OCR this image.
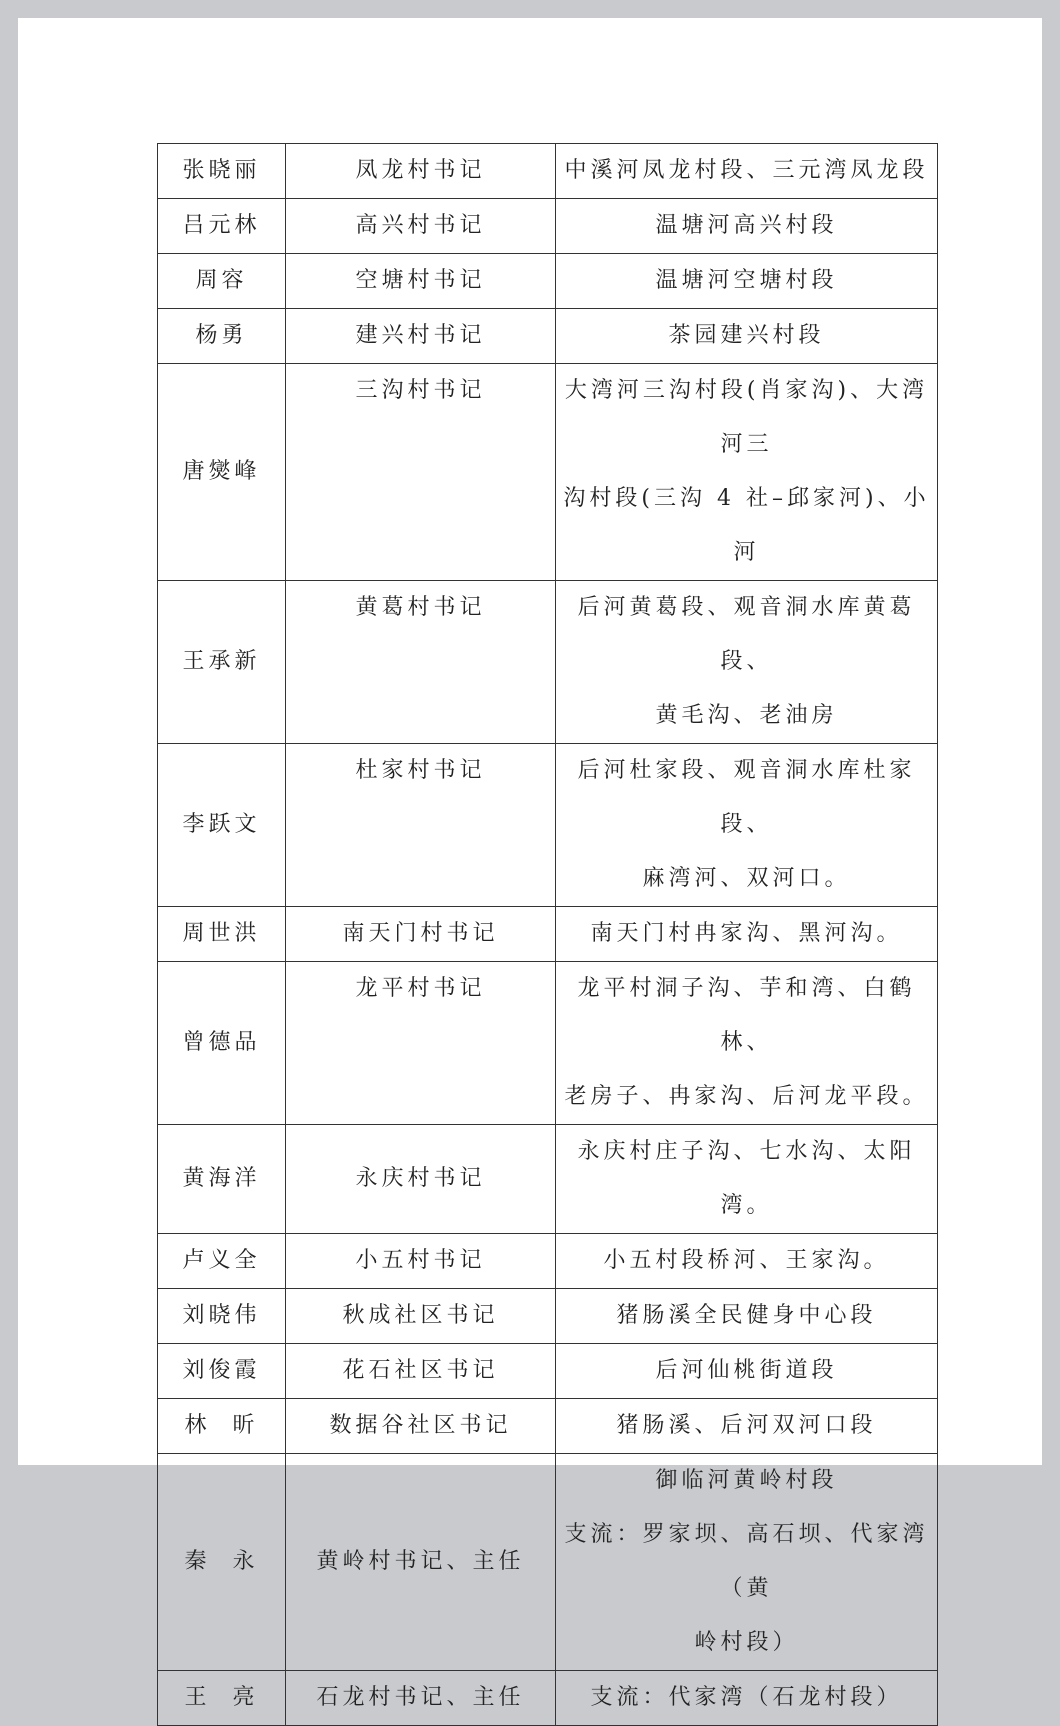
张晓丽	凤龙村书记	中溪河凤龙村段、三元湾凤龙段

吕元林	高兴村书记	温塘河高兴村段

周容	空塘村书记	温塘河空塘村段

杨勇	建兴村书记	茶园建兴村段

唐爕峰	三沟村书记	大湾河三沟村段(肖家沟)、大湾河三
沟村段(三沟 4 社–邱家河)、小河

王承新	黄葛村书记	后河黄葛段、观音洞水库黄葛段、
黄毛沟、老油房

李跃文	杜家村书记	后河杜家段、观音洞水库杜家段、
麻湾河、双河口。

周世洪	南天门村书记	南天门村冉家沟、黑河沟。

曾德品	龙平村书记	龙平村洞子沟、芋和湾、白鹤林、
老房子、冉家沟、后河龙平段。

黄海洋	永庆村书记	永庆村庄子沟、七水沟、太阳湾。

卢义全	小五村书记	小五村段桥河、王家沟。

刘晓伟	秋成社区书记	猪肠溪全民健身中心段

刘俊霞	花石社区书记	后河仙桃街道段

林  昕	数据谷社区书记	猪肠溪、后河双河口段

秦  永	黄岭村书记、主任	御临河黄岭村段
支流：罗家坝、高石坝、代家湾（黄
岭村段）

王  亮	石龙村书记、主任	支流：代家湾（石龙村段）
